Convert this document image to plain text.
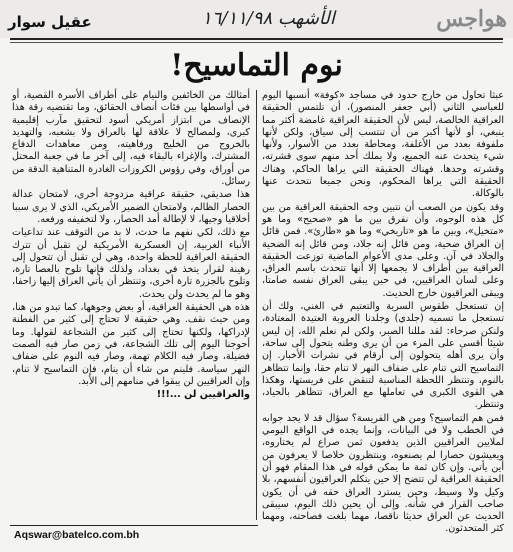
هواجس
الأشهب ١٦/١١/٩٨
عقيل سوار
نوم التماسيح!

عبثا تحاول من خارج حدود في مساجد «كوفة» أنسبها اليوم للعباسي الثاني (أبي جعفر المنصور)، أن تلتمس الحقيقة العراقية الخالصة، ليس لأن الحقيقة العراقية غامضة أكثر مما ينبغي، أو لأنها أكبر من أن تنتسب إلى سياق، ولكن لأنها ملفوفة بعدد من الأغلفة، ومحاطة بعدد من الأسوار، ولأنها شيء يتحدث عنه الجميع، ولا يملك أحد منهم سوى قشرته، وقشرته وحدها. فهناك الحقيقة التي يراها الحاكم، وهناك الحقيقة التي يراها المحكوم، ونحن جميعا نتحدث عنها بالوكالة.

وقد يكون من الصعب أن نتبين وجه الحقيقة العراقية من بين كل هذه الوجوه، وأن نفرق بين ما هو «صحيح» وما هو «متخيل»، وبين ما هو «تاريخي» وما هو «طارئ». فمن قائل إن العراق ضحية، ومن قائل إنه جلاد، ومن قائل إنه الضحية والجلاد في آن. وعلى مدى الأعوام الماضية توزعت الحقيقة العراقية بين أطراف لا يجمعها إلا أنها تتحدث باسم العراق، وعلى لسان العراقيين، في حين يبقى العراق نفسه صامتا، ويبقى العراقيون خارج الحديث.

إن تستعجل طقوس السرية والتعتيم في الغني، ولك أن تستعجل ما تسميه (جلدي) وجلدنا العروبة العتيدة المعتادة، ولنكن صرحاء: لقد مللنا الصبر، ولكن لم نعلم الله، إن ليس شيئا أقسى على المرء من أن يرى وطنه يتحول إلى ساحة، وأن يرى أهله يتحولون إلى أرقام في نشرات الأخبار. إن التماسيح التي تنام على ضفاف النهر لا تنام حقا، وإنما تتظاهر بالنوم، وتنتظر اللحظة المناسبة لتنقض على فريستها، وهكذا هي القوى الكبرى في تعاملها مع العراق، تتظاهر بالحياد، وتنتظر.

فمن هم التماسيح؟ ومن هي الفريسة؟ سؤال قد لا يجد جوابه في الخطب ولا في البيانات، وإنما يجده في الواقع اليومي لملايين العراقيين الذين يدفعون ثمن صراع لم يختاروه، ويعيشون حصارا لم يصنعوه، وينتظرون خلاصا لا يعرفون من أين يأتي. وإن كان ثمة ما يمكن قوله في هذا المقام فهو أن الحقيقة العراقية لن تتضح إلا حين يتكلم العراقيون أنفسهم، بلا وكيل ولا وسيط، وحين يسترد العراق حقه في أن يكون صاحب القرار في شأنه. وإلى أن يحين ذلك اليوم، سيبقى الحديث عن العراق حديثا ناقصا، مهما بلغت فصاحته، ومهما كثر المتحدثون.

أمثالك من الخائفين والنيام على أطراف الأسرة القصية، أو في أواسطها بين فئات أنصاف الحقائق، وما تقتضيه رقة هذا الإنصاف من ابتزاز أمريكي أسود لتحقيق مآرب إقليمية كبرى، ولمصالح لا علاقة لها بالعراق ولا بشعبه، والتهديد بالخروج من الخليج ورفاهيته، ومن معاهدات الدفاع المشترك، والإغراء بالبقاء فيه، إلى آخر ما في جعبة المحتل من أوراق، وفي رؤوس الكروزات الغادرة المتناهية الدقة من رسائل.

هذا صديقي، حقيقة عراقية مزدوجة أخرى، لامتحان عدالة الحصار الظالم، ولامتحان الضمير الأمريكي، الذي لا يرى سببا أخلاقيا وجيها، لا لإطالة أمد الحصار، ولا لتخفيفه ورفعه.

مع ذلك، لكي نفهم ما حدث، لا بد من التوقف عند تداعيات الأنباء الغربية، إن العسكرية الأمريكية لن تقبل أن تترك الحقيقة العراقية للحظة واحدة، وهي لن تقبل أن تتحول إلى رهينة لقرار يتخذ في بغداد، ولذلك فإنها تلوح بالعصا تارة، وتلوح بالجزرة تارة أخرى، وتنتظر أن يأتي العراق إليها زاحفا، وهو ما لم يحدث ولن يحدث.

هذه هي الحقيقة العراقية، أو بعض وجوهها، كما تبدو من هنا، ومن حيث نقف. وهي حقيقة لا تحتاج إلى كثير من الفطنة لإدراكها، ولكنها تحتاج إلى كثير من الشجاعة لقولها. وما أحوجنا اليوم إلى تلك الشجاعة، في زمن صار فيه الصمت فضيلة، وصار فيه الكلام تهمة، وصار فيه النوم على ضفاف النهر سياسة. فلينم من شاء أن ينام، فإن التماسيح لا تنام، وإن العراقيين لن يبقوا في منامهم إلى الأبد.

والعراقيين لن ...!!!

Aqswar@batelco.com.bh
